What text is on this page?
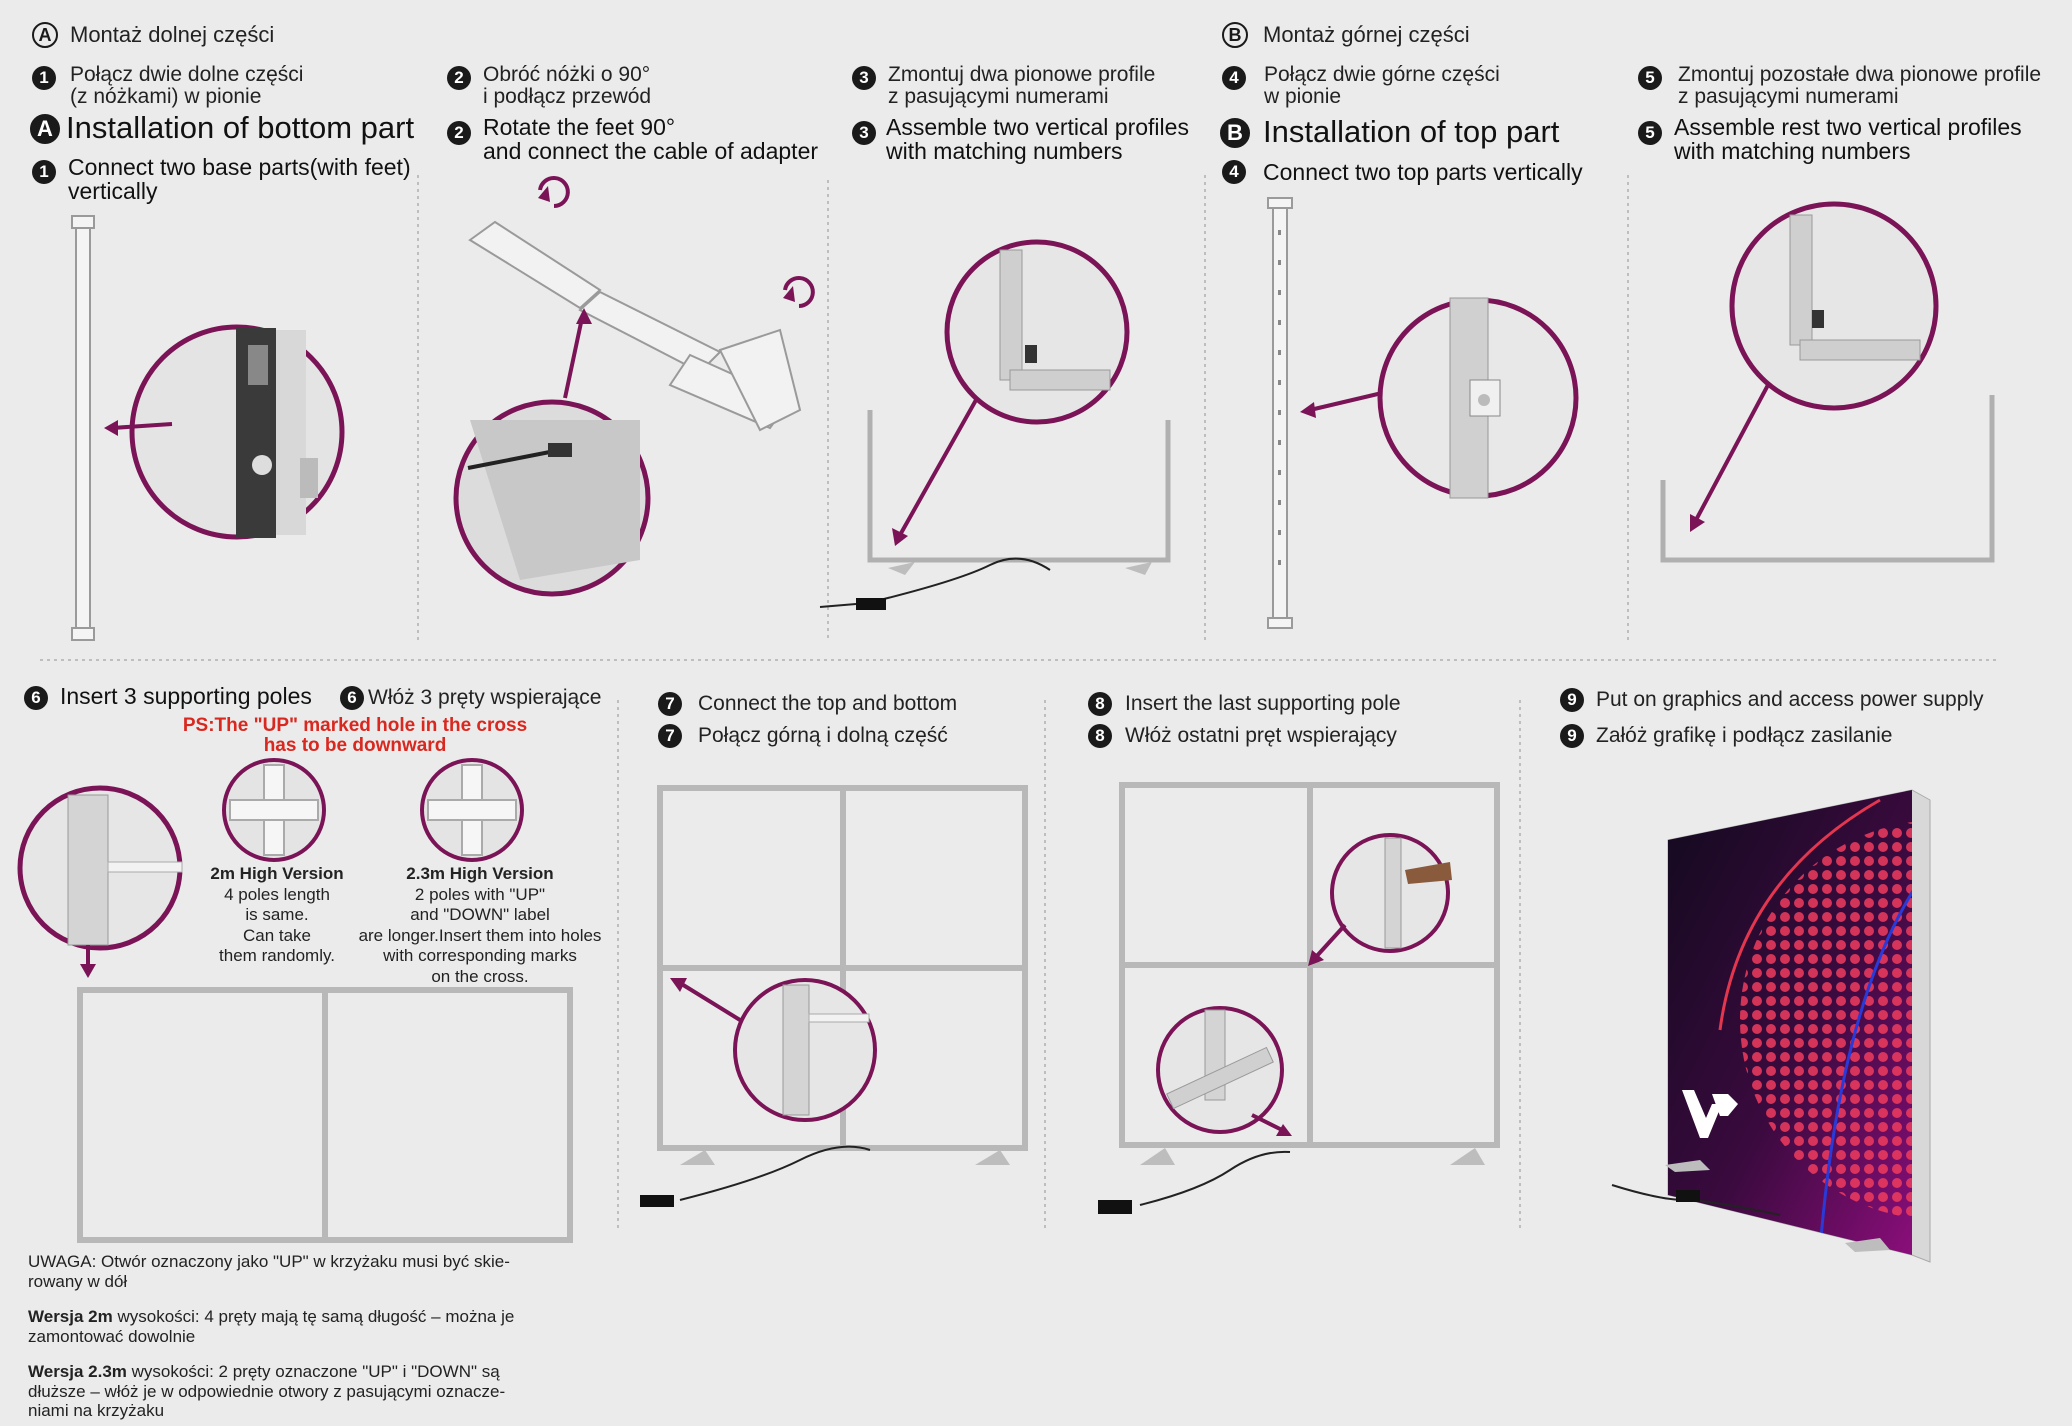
A Montaż dolnej części	B Montaż górnej części
1	Połącz dwie dolne części
(z nóżkami) w pionie
A Installation of bottom part
1 Connect two base parts(with feet)
vertically
2 Obróć nóżki o 90°
i podłącz przewód
2 Rotate the feet 90°
and connect the cable of adapter
3 Zmontuj dwa pionowe profile
z pasującymi numerami
3 Assemble two vertical profiles
with matching numbers
4	Połącz dwie górne części
w pionie
B Installation of top part
4	Connect two top parts vertically
5	Zmontuj pozostałe dwa pionowe profile
z pasującymi numerami
5 Assemble rest two vertical profiles
with matching numbers
6 Insert 3 supporting poles	6 Włóż 3 pręty wspierające
PS:The "UP" marked hole in the cross
has to be downward
2m High Version
4 poles length
is same.
Can take
them randomly.
2.3m High Version
2 poles with "UP"
and "DOWN" label
are longer.Insert them into holes
with corresponding marks
on the cross.
UWAGA: Otwór oznaczony jako "UP" w krzyżaku musi być skie-
rowany w dół
Wersja 2m wysokości: 4 pręty mają tę samą długość – można je
zamontować dowolnie
Wersja 2.3m wysokości: 2 pręty oznaczone "UP" i "DOWN" są
dłuższe – włóż je w odpowiednie otwory z pasującymi oznacze-
niami na krzyżaku
7	Connect the top and bottom
7	Połącz górną i dolną część
8 Insert the last supporting pole
8 Włóż ostatni pręt wspierający
9 Put on graphics and access power supply
9 Załóż grafikę i podłącz zasilanie
